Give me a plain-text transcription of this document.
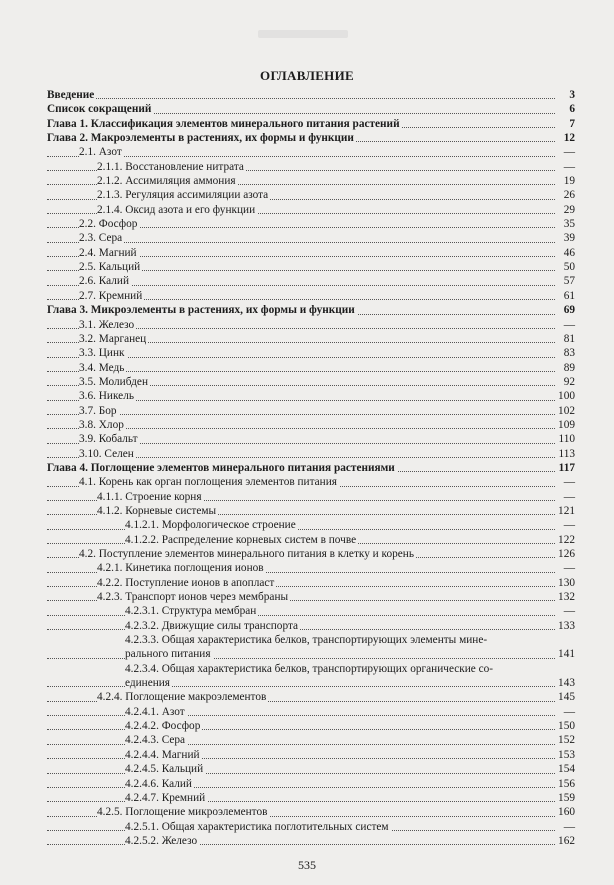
ОГЛАВЛЕНИЕ
Введение	3
Список сокращений	6
Глава 1. Классификация элементов минерального питания растений	7
Глава 2. Макроэлементы в растениях, их формы и функции	12
2.1. Азот	—
2.1.1. Восстановление нитрата	—
2.1.2. Ассимиляция аммония	19
2.1.3. Регуляция ассимиляции азота	26
2.1.4. Оксид азота и его функции	29
2.2. Фосфор	35
2.3. Сера	39
2.4. Магний	46
2.5. Кальций	50
2.6. Калий	57
2.7. Кремний	61
Глава 3. Микроэлементы в растениях, их формы и функции	69
3.1. Железо	—
3.2. Марганец	81
3.3. Цинк	83
3.4. Медь	89
3.5. Молибден	92
3.6. Никель	100
3.7. Бор	102
3.8. Хлор	109
3.9. Кобальт	110
3.10. Селен	113
Глава 4. Поглощение элементов минерального питания растениями	117
4.1. Корень как орган поглощения элементов питания	—
4.1.1. Строение корня	—
4.1.2. Корневые системы	121
4.1.2.1. Морфологическое строение	—
4.1.2.2. Распределение корневых систем в почве	122
4.2. Поступление элементов минерального питания в клетку и корень	126
4.2.1. Кинетика поглощения ионов	—
4.2.2. Поступление ионов в апопласт	130
4.2.3. Транспорт ионов через мембраны	132
4.2.3.1. Структура мембран	—
4.2.3.2. Движущие силы транспорта	133
4.2.3.3. Общая характеристика белков, транспортирующих элементы мине-
рального питания	141
4.2.3.4. Общая характеристика белков, транспортирующих органические со-
единения	143
4.2.4. Поглощение макроэлементов	145
4.2.4.1. Азот	—
4.2.4.2. Фосфор	150
4.2.4.3. Сера	152
4.2.4.4. Магний	153
4.2.4.5. Кальций	154
4.2.4.6. Калий	156
4.2.4.7. Кремний	159
4.2.5. Поглощение микроэлементов	160
4.2.5.1. Общая характеристика поглотительных систем	—
4.2.5.2. Железо	162
535
